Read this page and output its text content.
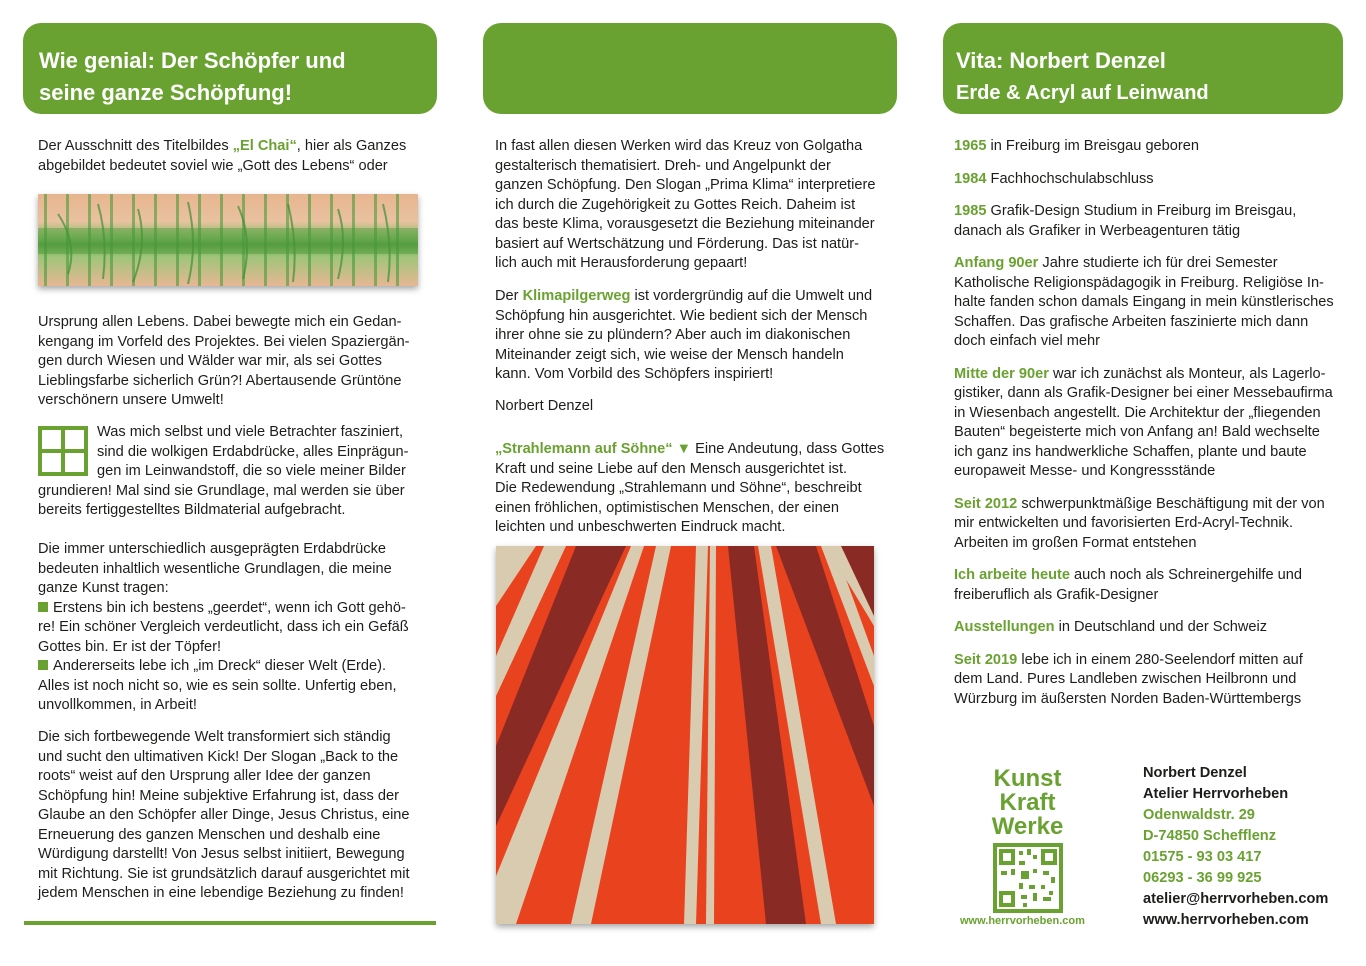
Wie genial: Der Schöpfer und
seine ganze Schöpfung!
Der Ausschnitt des Titelbildes „El Chai“, hier als Ganzes
abgebildet bedeutet soviel wie „Gott des Lebens“ oder
Ursprung allen Lebens. Dabei bewegte mich ein Gedan-
kengang im Vorfeld des Projektes. Bei vielen Spaziergän-
gen durch Wiesen und Wälder war mir, als sei Gottes
Lieblingsfarbe sicherlich Grün?! Abertausende Grüntöne
verschönern unsere Umwelt!
Was mich selbst und viele Betrachter fasziniert,
sind die wolkigen Erdabdrücke, alles Einprägun-
gen im Leinwandstoff, die so viele meiner Bilder
grundieren! Mal sind sie Grundlage, mal werden sie über
bereits fertiggestelltes Bildmaterial aufgebracht.
Die immer unterschiedlich ausgeprägten Erdabdrücke
bedeuten inhaltlich wesentliche Grundlagen, die meine
ganze Kunst tragen:
Erstens bin ich bestens „geerdet“, wenn ich Gott gehö-
re! Ein schöner Vergleich verdeutlicht, dass ich ein Gefäß
Gottes bin. Er ist der Töpfer!
Andererseits lebe ich „im Dreck“ dieser Welt (Erde).
Alles ist noch nicht so, wie es sein sollte. Unfertig eben,
unvollkommen, in Arbeit!
Die sich fortbewegende Welt transformiert sich ständig
und sucht den ultimativen Kick! Der Slogan „Back to the
roots“ weist auf den Ursprung aller Idee der ganzen
Schöpfung hin! Meine subjektive Erfahrung ist, dass der
Glaube an den Schöpfer aller Dinge, Jesus Christus, eine
Erneuerung des ganzen Menschen und deshalb eine
Würdigung darstellt! Von Jesus selbst initiiert, Bewegung
mit Richtung. Sie ist grundsätzlich darauf ausgerichtet mit
jedem Menschen in eine lebendige Beziehung zu finden!
In fast allen diesen Werken wird das Kreuz von Golgatha
gestalterisch thematisiert. Dreh- und Angelpunkt der
ganzen Schöpfung. Den Slogan „Prima Klima“ interpretiere
ich durch die Zugehörigkeit zu Gottes Reich. Daheim ist
das beste Klima, vorausgesetzt die Beziehung miteinander
basiert auf Wertschätzung und Förderung. Das ist natür-
lich auch mit Herausforderung gepaart!
Der Klimapilgerweg ist vordergründig auf die Umwelt und
Schöpfung hin ausgerichtet. Wie bedient sich der Mensch
ihrer ohne sie zu plündern? Aber auch im diakonischen
Miteinander zeigt sich, wie weise der Mensch handeln
kann. Vom Vorbild des Schöpfers inspiriert!
Norbert Denzel
„Strahlemann auf Söhne“ ▼ Eine Andeutung, dass Gottes
Kraft und seine Liebe auf den Mensch ausgerichtet ist.
Die Redewendung „Strahlemann und Söhne“, beschreibt
einen fröhlichen, optimistischen Menschen, der einen
leichten und unbeschwerten Eindruck macht.
Vita: Norbert Denzel
Erde & Acryl auf Leinwand
1965 in Freiburg im Breisgau geboren
1984 Fachhochschulabschluss
1985 Grafik-Design Studium in Freiburg im Breisgau,
danach als Grafiker in Werbeagenturen tätig
Anfang 90er Jahre studierte ich für drei Semester
Katholische Religionspädagogik in Freiburg. Religiöse In-
halte fanden schon damals Eingang in mein künstlerisches
Schaffen. Das grafische Arbeiten faszinierte mich dann
doch einfach viel mehr
Mitte der 90er war ich zunächst als Monteur, als Lagerlo-
gistiker, dann als Grafik-Designer bei einer Messebaufirma
in Wiesenbach angestellt. Die Architektur der „fliegenden
Bauten“ begeisterte mich von Anfang an! Bald wechselte
ich ganz ins handwerkliche Schaffen, plante und baute
europaweit Messe- und Kongressstände
Seit 2012 schwerpunktmäßige Beschäftigung mit der von
mir entwickelten und favorisierten Erd-Acryl-Technik.
Arbeiten im großen Format entstehen
Ich arbeite heute auch noch als Schreinergehilfe und
freiberuflich als Grafik-Designer
Ausstellungen in Deutschland und der Schweiz
Seit 2019 lebe ich in einem 280-Seelendorf mitten auf
dem Land. Pures Landleben zwischen Heilbronn und
Würzburg im äußersten Norden Baden-Württembergs
Kunst
Kraft
Werke
www.herrvorheben.com
Norbert Denzel
Atelier Herrvorheben
Odenwaldstr. 29
D-74850 Schefflenz
01575 - 93 03 417
06293 - 36 99 925
atelier@herrvorheben.com
www.herrvorheben.com
